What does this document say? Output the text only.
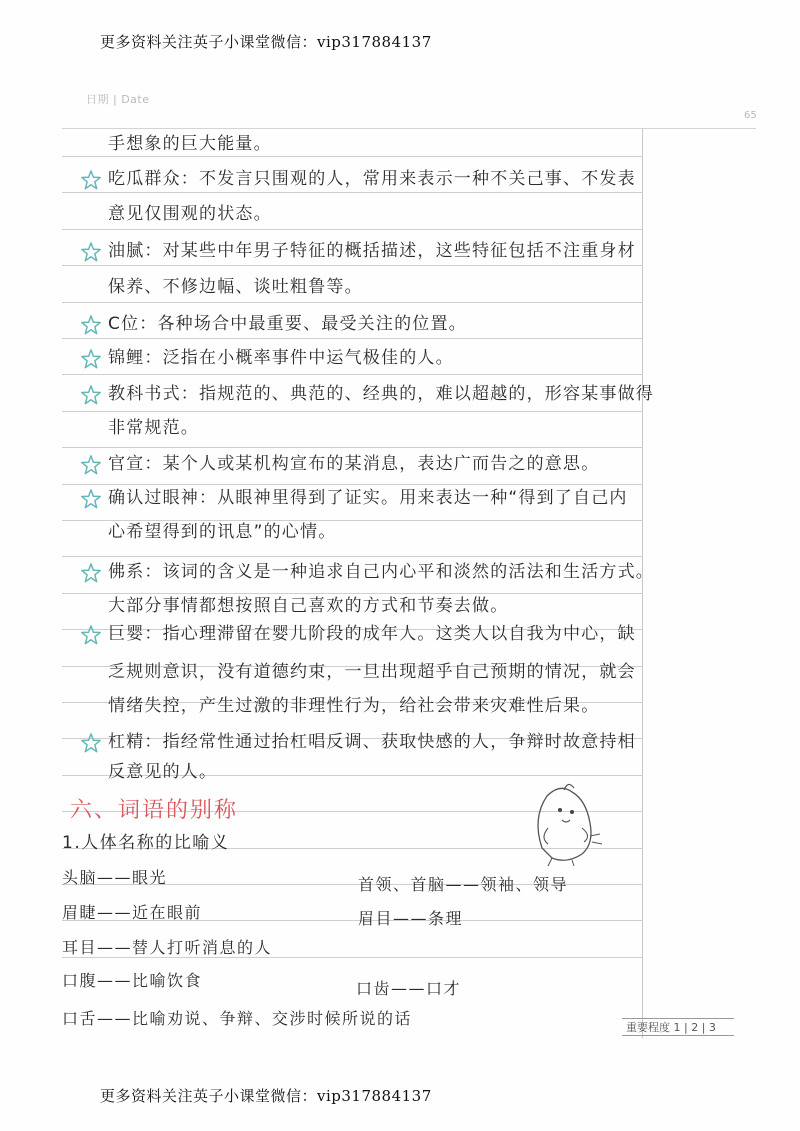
更多资料关注英子小课堂微信：vip317884137
日期 | Date
65
手想象的巨大能量。
吃瓜群众：不发言只围观的人，常用来表示一种不关己事、不发表
意见仅围观的状态。
油腻：对某些中年男子特征的概括描述，这些特征包括不注重身材
保养、不修边幅、谈吐粗鲁等。
C位：各种场合中最重要、最受关注的位置。
锦鲤：泛指在小概率事件中运气极佳的人。
教科书式：指规范的、典范的、经典的，难以超越的，形容某事做得
非常规范。
官宣：某个人或某机构宣布的某消息，表达广而告之的意思。
确认过眼神：从眼神里得到了证实。用来表达一种“得到了自己内
心希望得到的讯息”的心情。
佛系：该词的含义是一种追求自己内心平和淡然的活法和生活方式。
大部分事情都想按照自己喜欢的方式和节奏去做。
巨婴：指心理滞留在婴儿阶段的成年人。这类人以自我为中心，缺
乏规则意识，没有道德约束，一旦出现超乎自己预期的情况，就会
情绪失控，产生过激的非理性行为，给社会带来灾难性后果。
杠精：指经常性通过抬杠唱反调、获取快感的人，争辩时故意持相
反意见的人。
六、词语的别称
1.人体名称的比喻义
头脑——眼光	首领、首脑——领袖、领导
眉睫——近在眼前	眉目——条理
耳目——替人打听消息的人
口腹——比喻饮食	口齿——口才
口舌——比喻劝说、争辩、交涉时候所说的话	重要程度 1 | 2 | 3
更多资料关注英子小课堂微信：vip317884137
